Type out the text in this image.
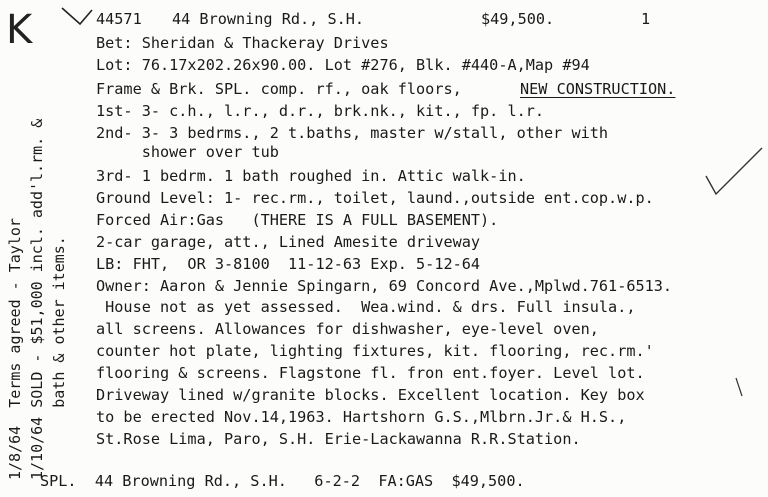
K	44571 44 Browning Rd., S.H.	$49,500.	1
Bet: Sheridan & Thackeray Drives
Lot: 76.17x202.26x90.00. Lot #276, Blk. #440-A,Map #94
Frame & Brk. SPL. comp. rf., oak floors,	NEW CONSTRUCTION.
1st- 3- c.h., l.r., d.r., brk.nk., kit., fp. l.r.
2nd- 3- 3 bedrms., 2 t.baths, master w/stall, other with
shower over tub
3rd- 1 bedrm. 1 bath roughed in. Attic walk-in.
Ground Level: 1- rec.rm., toilet, laund.,outside ent.cop.w.p.
Forced Air:Gas   (THERE IS A FULL BASEMENT).
2-car garage, att., Lined Amesite driveway
LB: FHT,  OR 3-8100  11-12-63 Exp. 5-12-64
Owner: Aaron & Jennie Spingarn, 69 Concord Ave.,Mplwd.761-6513.
House not as yet assessed.  Wea.wind. & drs. Full insula.,
all screens. Allowances for dishwasher, eye-level oven,
counter hot plate, lighting fixtures, kit. flooring, rec.rm.'
flooring & screens. Flagstone fl. fron ent.foyer. Level lot.
Driveway lined w/granite blocks. Excellent location. Key box
to be erected Nov.14,1963. Hartshorn G.S.,Mlbrn.Jr.& H.S.,
St.Rose Lima, Paro, S.H. Erie-Lackawanna R.R.Station.
1/8/64  Terms agreed - Taylor 1/10/64 SOLD - $51,000 incl. add'l.rm. & bath & other items.
SPL.  44 Browning Rd., S.H.   6-2-2  FA:GAS  $49,500.
